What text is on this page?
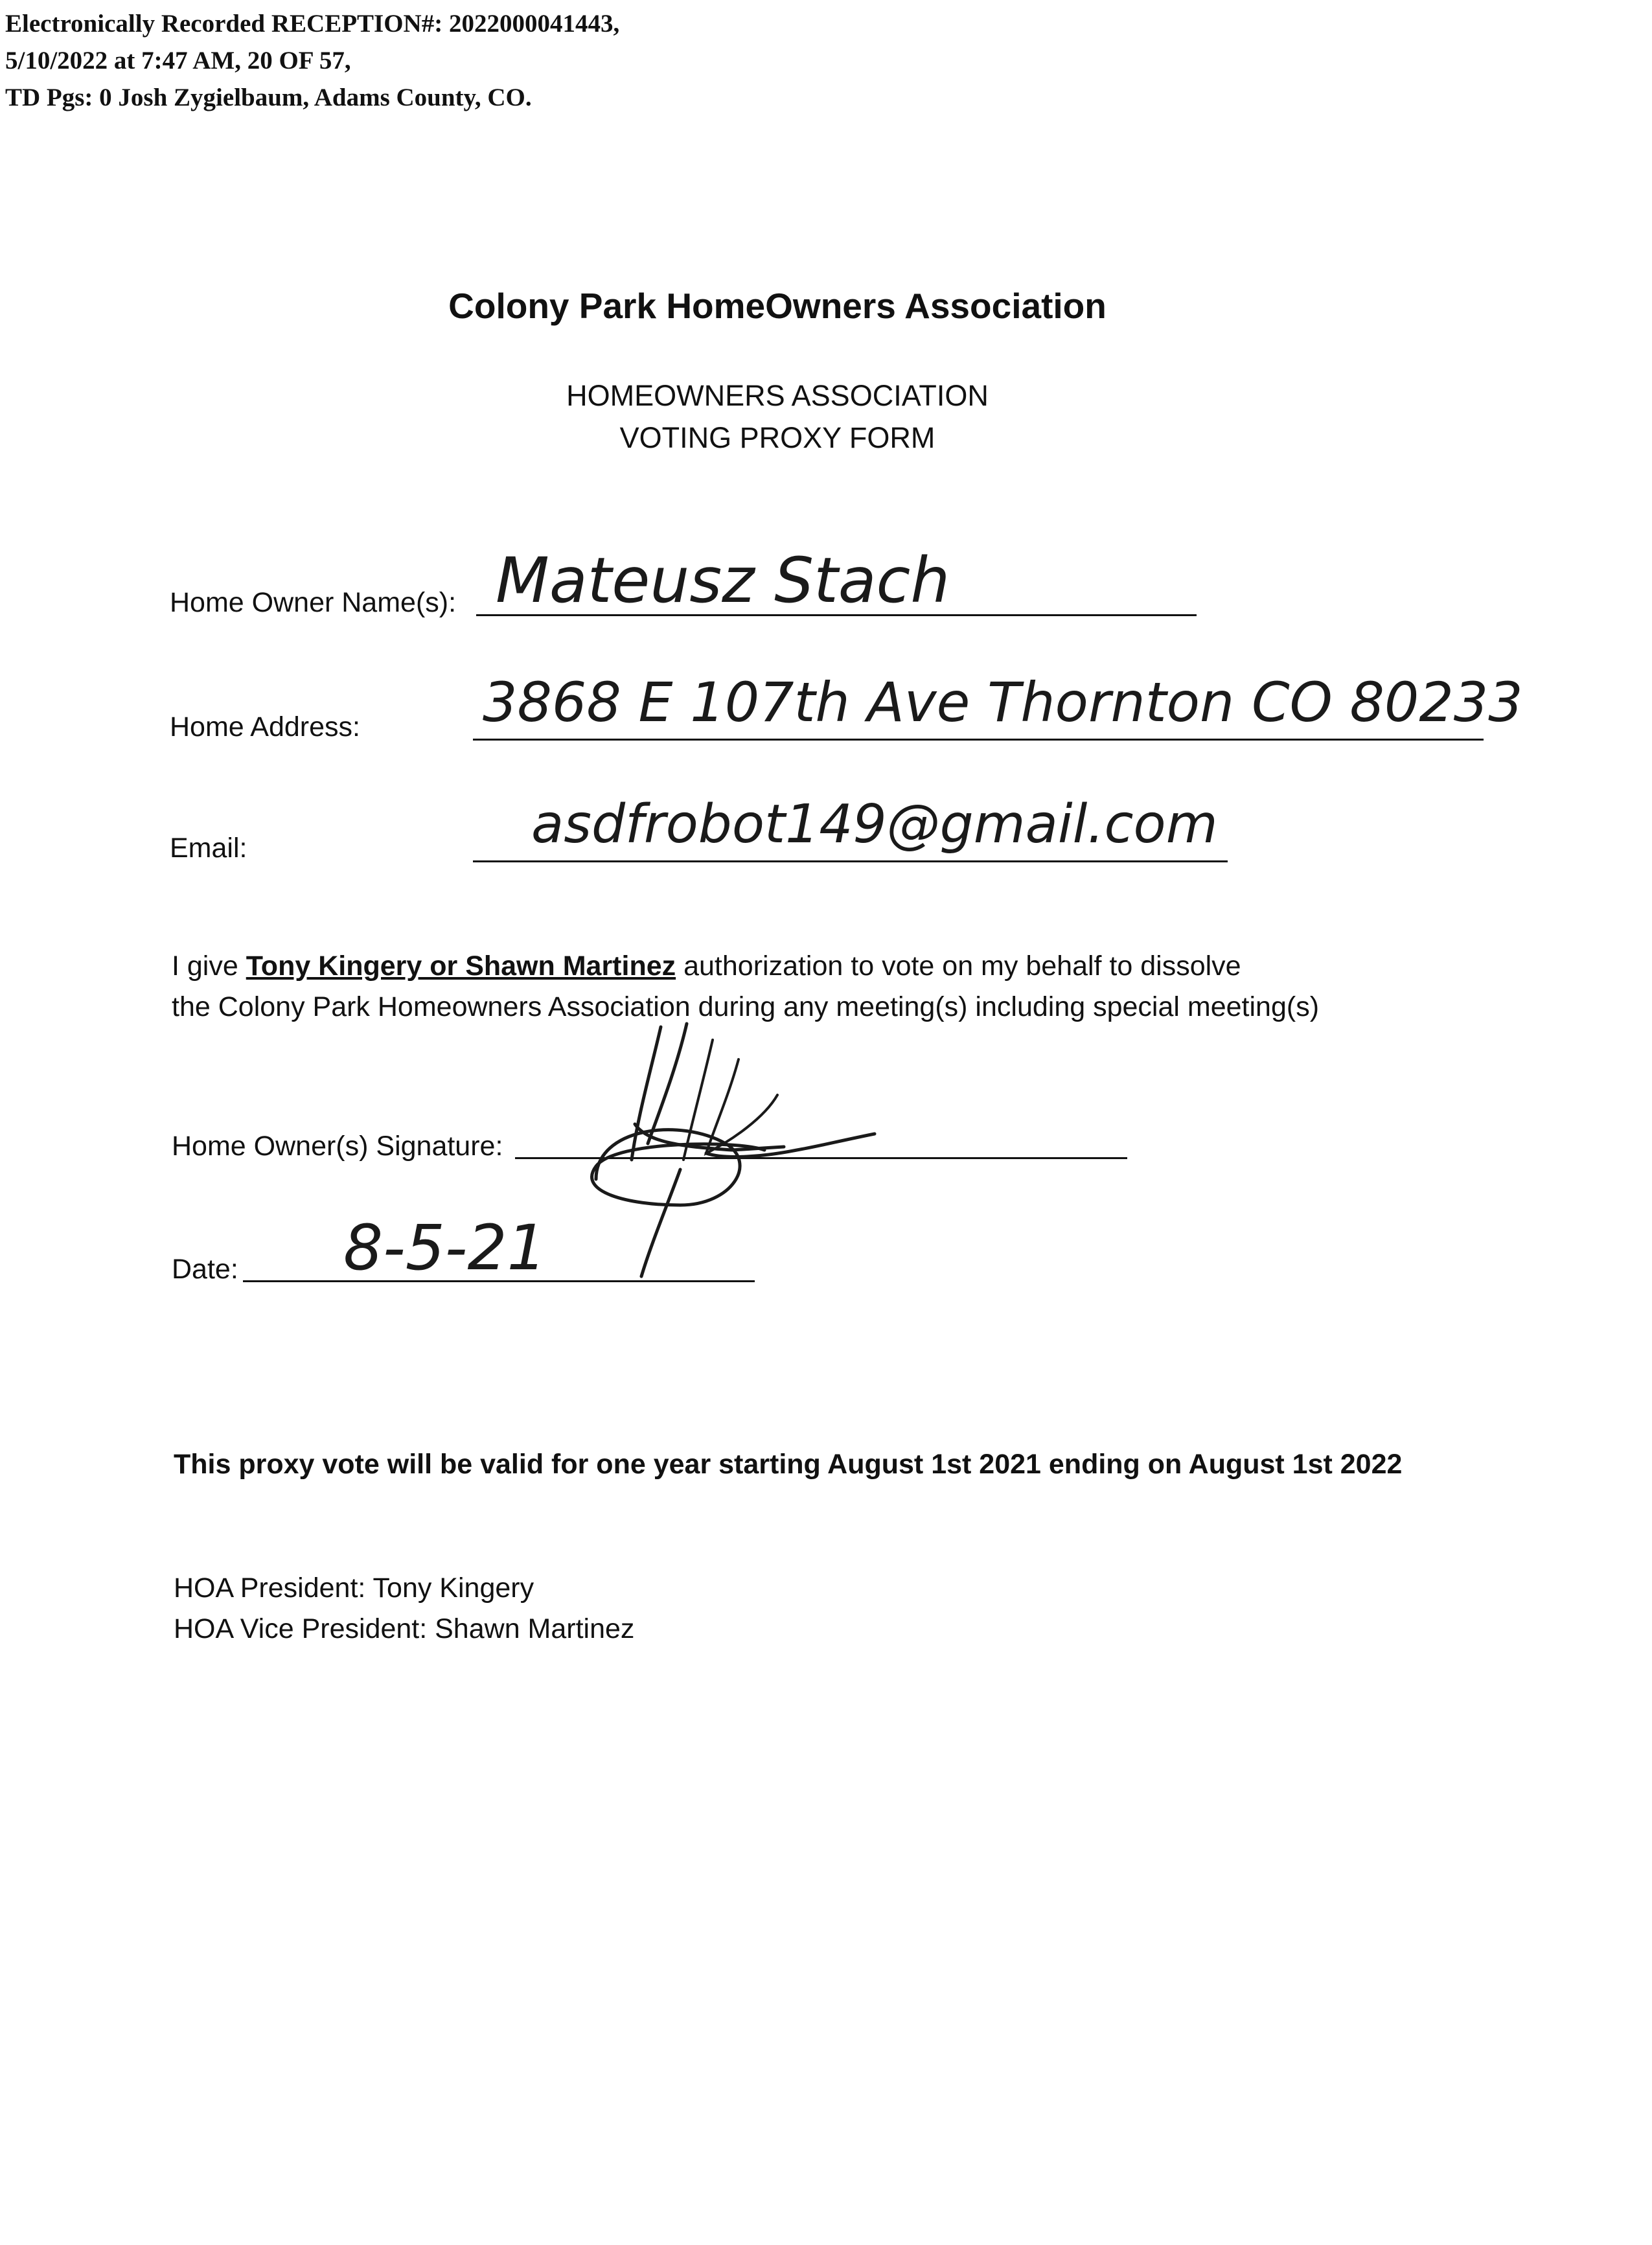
Electronically Recorded RECEPTION#: 2022000041443,
5/10/2022 at 7:47 AM, 20 OF 57,
TD Pgs: 0 Josh Zygielbaum, Adams County, CO.
Colony Park HomeOwners Association
HOMEOWNERS ASSOCIATION
VOTING PROXY FORM
Home Owner Name(s): Mateusz Stach
Home Address: 3868 E 107th Ave Thornton CO 80233
Email:	asdfrobot149@gmail.com
I give Tony Kingery or Shawn Martinez authorization to vote on my behalf to dissolve
the Colony Park Homeowners Association during any meeting(s) including special meeting(s)
Home Owner(s) Signature:
Date: 8-5-21
This proxy vote will be valid for one year starting August 1st 2021 ending on August 1st 2022
HOA President: Tony Kingery
HOA Vice President: Shawn Martinez
